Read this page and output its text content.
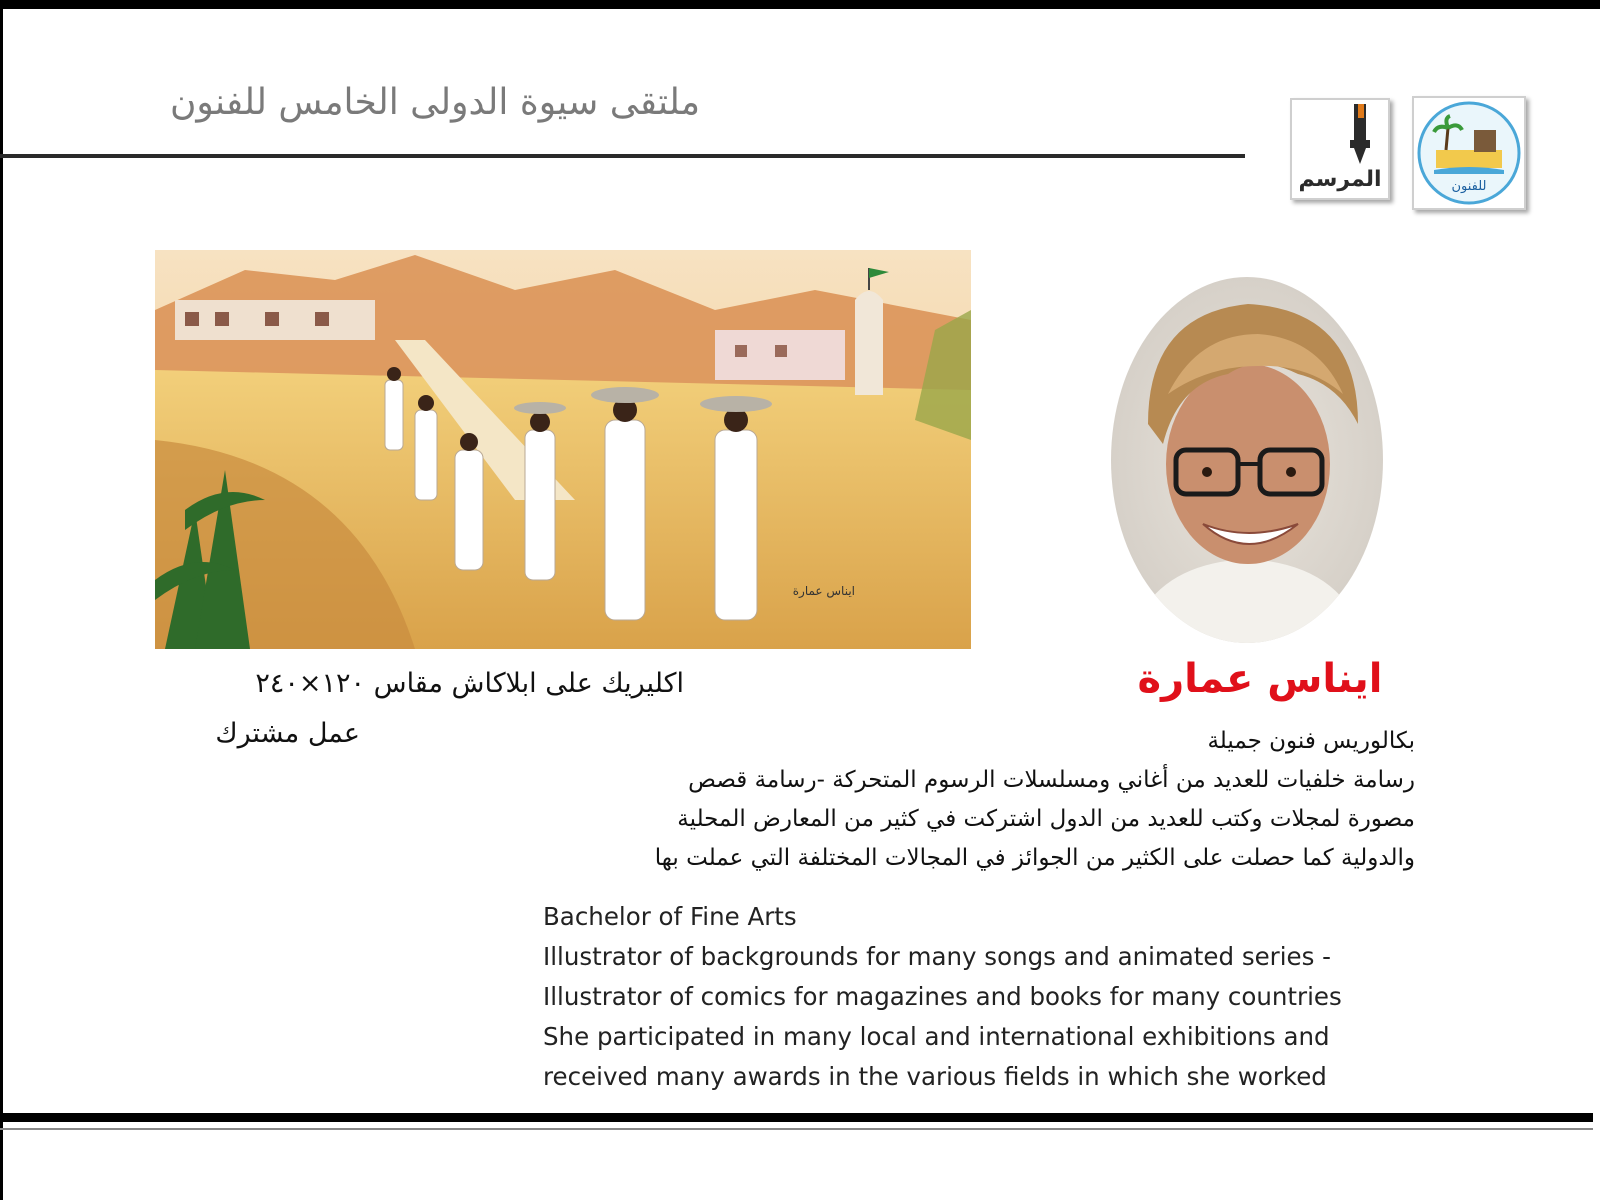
ملتقى سيوة الدولى الخامس للفنون
المرسم	للفنون
ايناس عمارة
اكليريك على ابلاكاش مقاس ١٢٠×٢٤٠
عمل مشترك
ايناس عمارة
بكالوريس فنون جميلة
رسامة خلفيات للعديد من أغاني ومسلسلات الرسوم المتحركة -رسامة قصص
مصورة لمجلات وكتب للعديد من الدول اشتركت في كثير من المعارض المحلية
والدولية كما حصلت على الكثير من الجوائز في المجالات المختلفة التي عملت بها
Bachelor of Fine Arts
Illustrator of backgrounds for many songs and animated series -
Illustrator of comics for magazines and books for many countries
She participated in many local and international exhibitions and
received many awards in the various fields in which she worked
